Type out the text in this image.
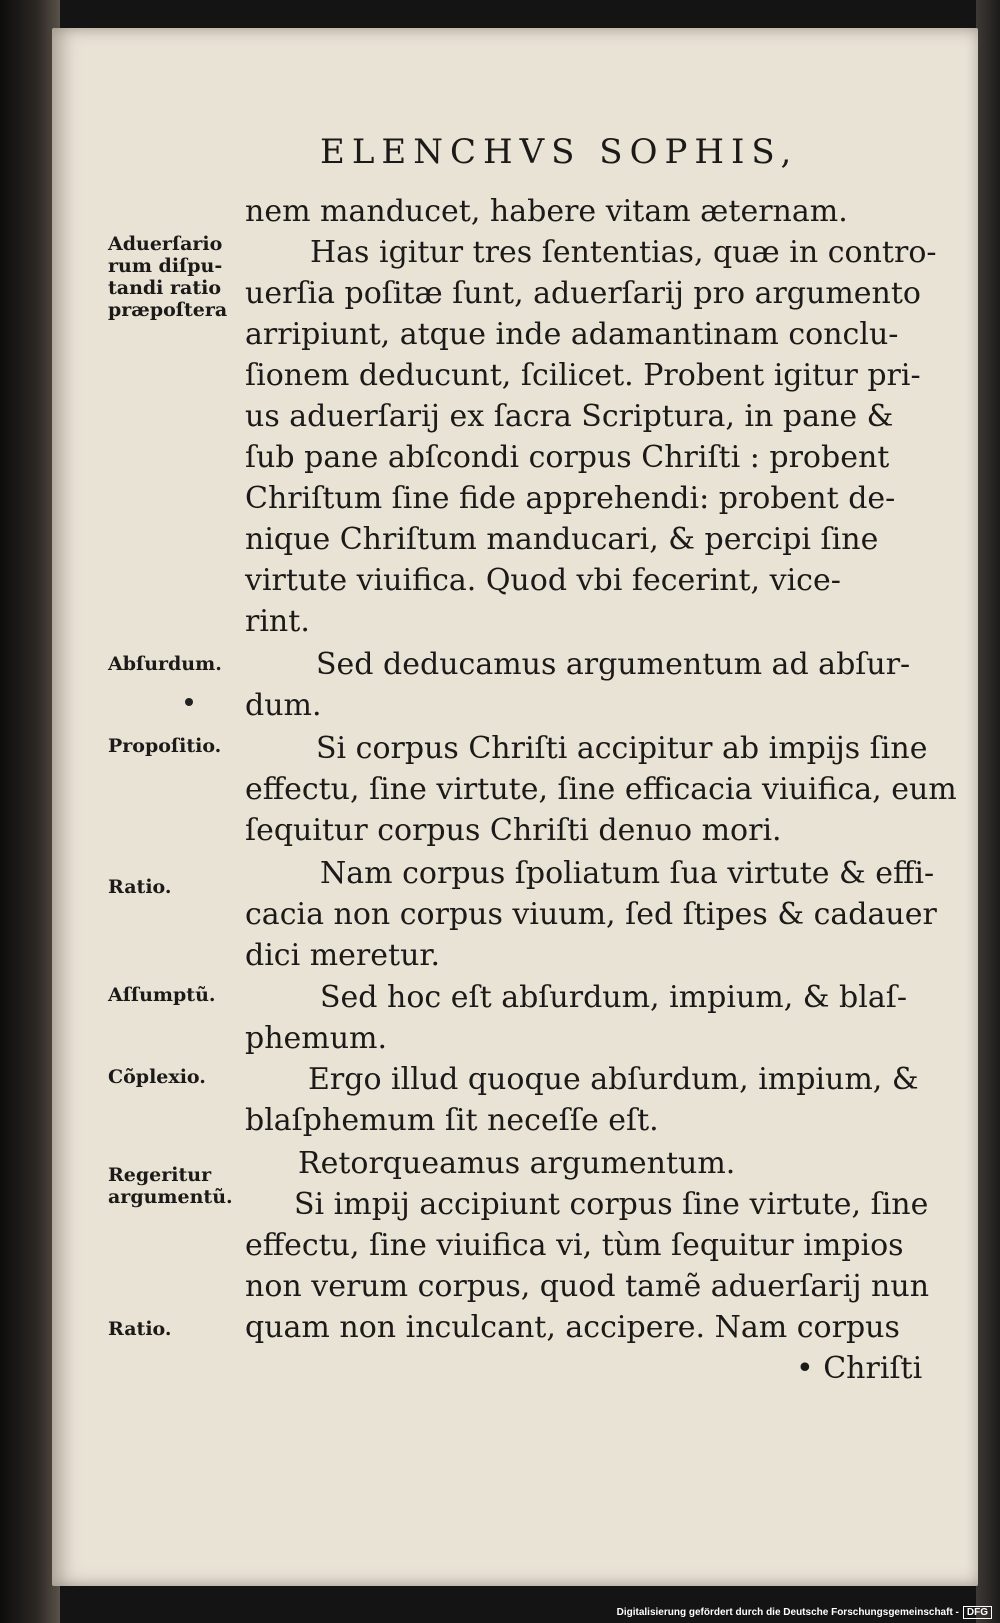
ELENCHVS SOPHIS,
Aduerſario
rum diſpu-
tandi ratio
præpoſtera
Abſurdum.
Propoſitio.
Ratio.
Aſſumptũ.
Cõplexio.
Regeritur
argumentũ.
Ratio.
nem manducet, habere vitam æternam.
Has igitur tres ſententias, quæ in contro-
uerſia poſitæ ſunt, aduerſarij pro argumento
arripiunt, atque inde adamantinam conclu-
ſionem deducunt, ſcilicet. Probent igitur pri-
us aduerſarij ex ſacra Scriptura, in pane &
ſub pane abſcondi corpus Chriſti : probent
Chriſtum ſine fide apprehendi: probent de-
nique Chriſtum manducari, & percipi ſine
virtute viuifica. Quod vbi fecerint, vice-
rint.
Sed deducamus argumentum ad abſur-
dum.
Si corpus Chriſti accipitur ab impijs ſine
effectu, ſine virtute, ſine efficacia viuifica, eum
ſequitur corpus Chriſti denuo mori.
Nam corpus ſpoliatum ſua virtute & effi-
cacia non corpus viuum, ſed ſtipes & cadauer
dici meretur.
Sed hoc eſt abſurdum, impium, & blaſ-
phemum.
Ergo illud quoque abſurdum, impium, &
blaſphemum ſit neceſſe eſt.
Retorqueamus argumentum.
Si impij accipiunt corpus ſine virtute, ſine
effectu, ſine viuifica vi, tùm ſequitur impios
non verum corpus, quod tamẽ aduerſarij nun
quam non inculcant, accipere. Nam corpus
• Chriſti
Digitalisierung gefördert durch die Deutsche Forschungsgemeinschaft - DFG
